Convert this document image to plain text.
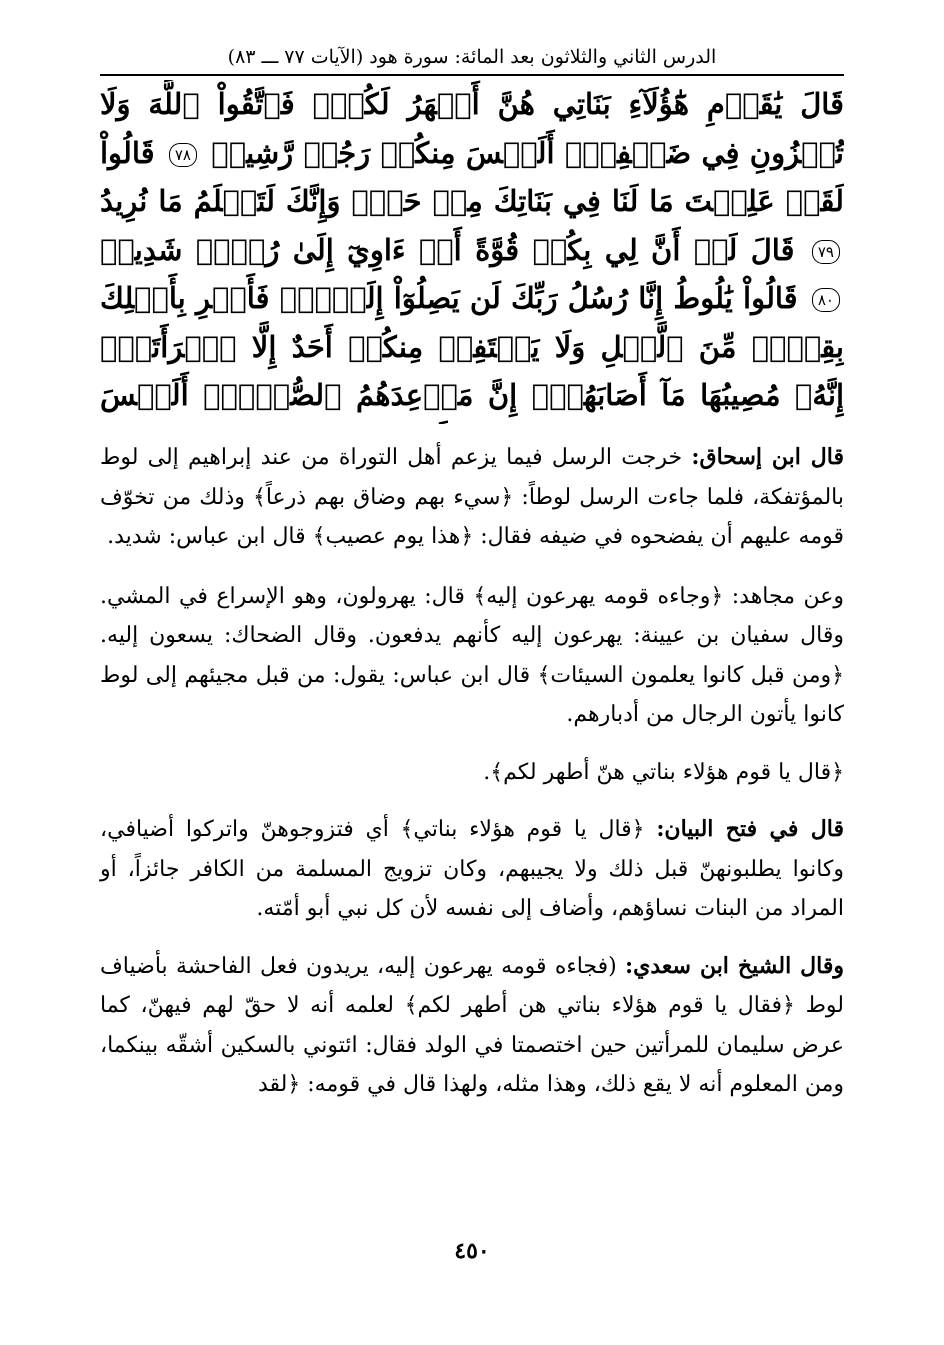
الدرس الثاني والثلاثون بعد المائة: سورة هود (الآيات ٧٧ ـــ ٨٣)
قَالَ يَٰقَوۡمِ هَٰٓؤُلَآءِ بَنَاتِي هُنَّ أَطۡهَرُ لَكُمۡۖ فَٱتَّقُواْ ٱللَّهَ وَلَا تُخۡزُونِ فِي ضَيۡفِيٓۖ أَلَيۡسَ مِنكُمۡ رَجُلٞ رَّشِيدٞ ٧٨ قَالُواْ لَقَدۡ عَلِمۡتَ مَا لَنَا فِي بَنَاتِكَ مِنۡ حَقّٖ وَإِنَّكَ لَتَعۡلَمُ مَا نُرِيدُ ٧٩ قَالَ لَوۡ أَنَّ لِي بِكُمۡ قُوَّةً أَوۡ ءَاوِيٓ إِلَىٰ رُكۡنٖ شَدِيدٖ ٨٠ قَالُواْ يَٰلُوطُ إِنَّا رُسُلُ رَبِّكَ لَن يَصِلُوٓاْ إِلَيۡكَۖ فَأَسۡرِ بِأَهۡلِكَ بِقِطۡعٖ مِّنَ ٱلَّيۡلِ وَلَا يَلۡتَفِتۡ مِنكُمۡ أَحَدٌ إِلَّا ٱمۡرَأَتَكَۖ إِنَّهُۥ مُصِيبُهَا مَآ أَصَابَهُمۡۚ إِنَّ مَوۡعِدَهُمُ ٱلصُّبۡحُۚ أَلَيۡسَ

قال ابن إسحاق: خرجت الرسل فيما يزعم أهل التوراة من عند إبراهيم إلى لوط بالمؤتفكة، فلما جاءت الرسل لوطاً: ﴿سيء بهم وضاق بهم ذرعاً﴾ وذلك من تخوّف قومه عليهم أن يفضحوه في ضيفه فقال: ﴿هذا يوم عصيب﴾ قال ابن عباس: شديد.

وعن مجاهد: ﴿وجاءه قومه يهرعون إليه﴾ قال: يهرولون، وهو الإسراع في المشي. وقال سفيان بن عيينة: يهرعون إليه كأنهم يدفعون. وقال الضحاك: يسعون إليه. ﴿ومن قبل كانوا يعلمون السيئات﴾ قال ابن عباس: يقول: من قبل مجيئهم إلى لوط كانوا يأتون الرجال من أدبارهم.

﴿قال يا قوم هؤلاء بناتي هنّ أطهر لكم﴾.

قال في فتح البيان: ﴿قال يا قوم هؤلاء بناتي﴾ أي فتزوجوهنّ واتركوا أضيافي، وكانوا يطلبونهنّ قبل ذلك ولا يجيبهم، وكان تزويج المسلمة من الكافر جائزاً، أو المراد من البنات نساؤهم، وأضاف إلى نفسه لأن كل نبي أبو أمّته.

وقال الشيخ ابن سعدي: (فجاءه قومه يهرعون إليه، يريدون فعل الفاحشة بأضياف لوط ﴿فقال يا قوم هؤلاء بناتي هن أطهر لكم﴾ لعلمه أنه لا حقّ لهم فيهنّ، كما عرض سليمان للمرأتين حين اختصمتا في الولد فقال: ائتوني بالسكين أشقّه بينكما، ومن المعلوم أنه لا يقع ذلك، وهذا مثله، ولهذا قال في قومه: ﴿لقد

٤٥٠
